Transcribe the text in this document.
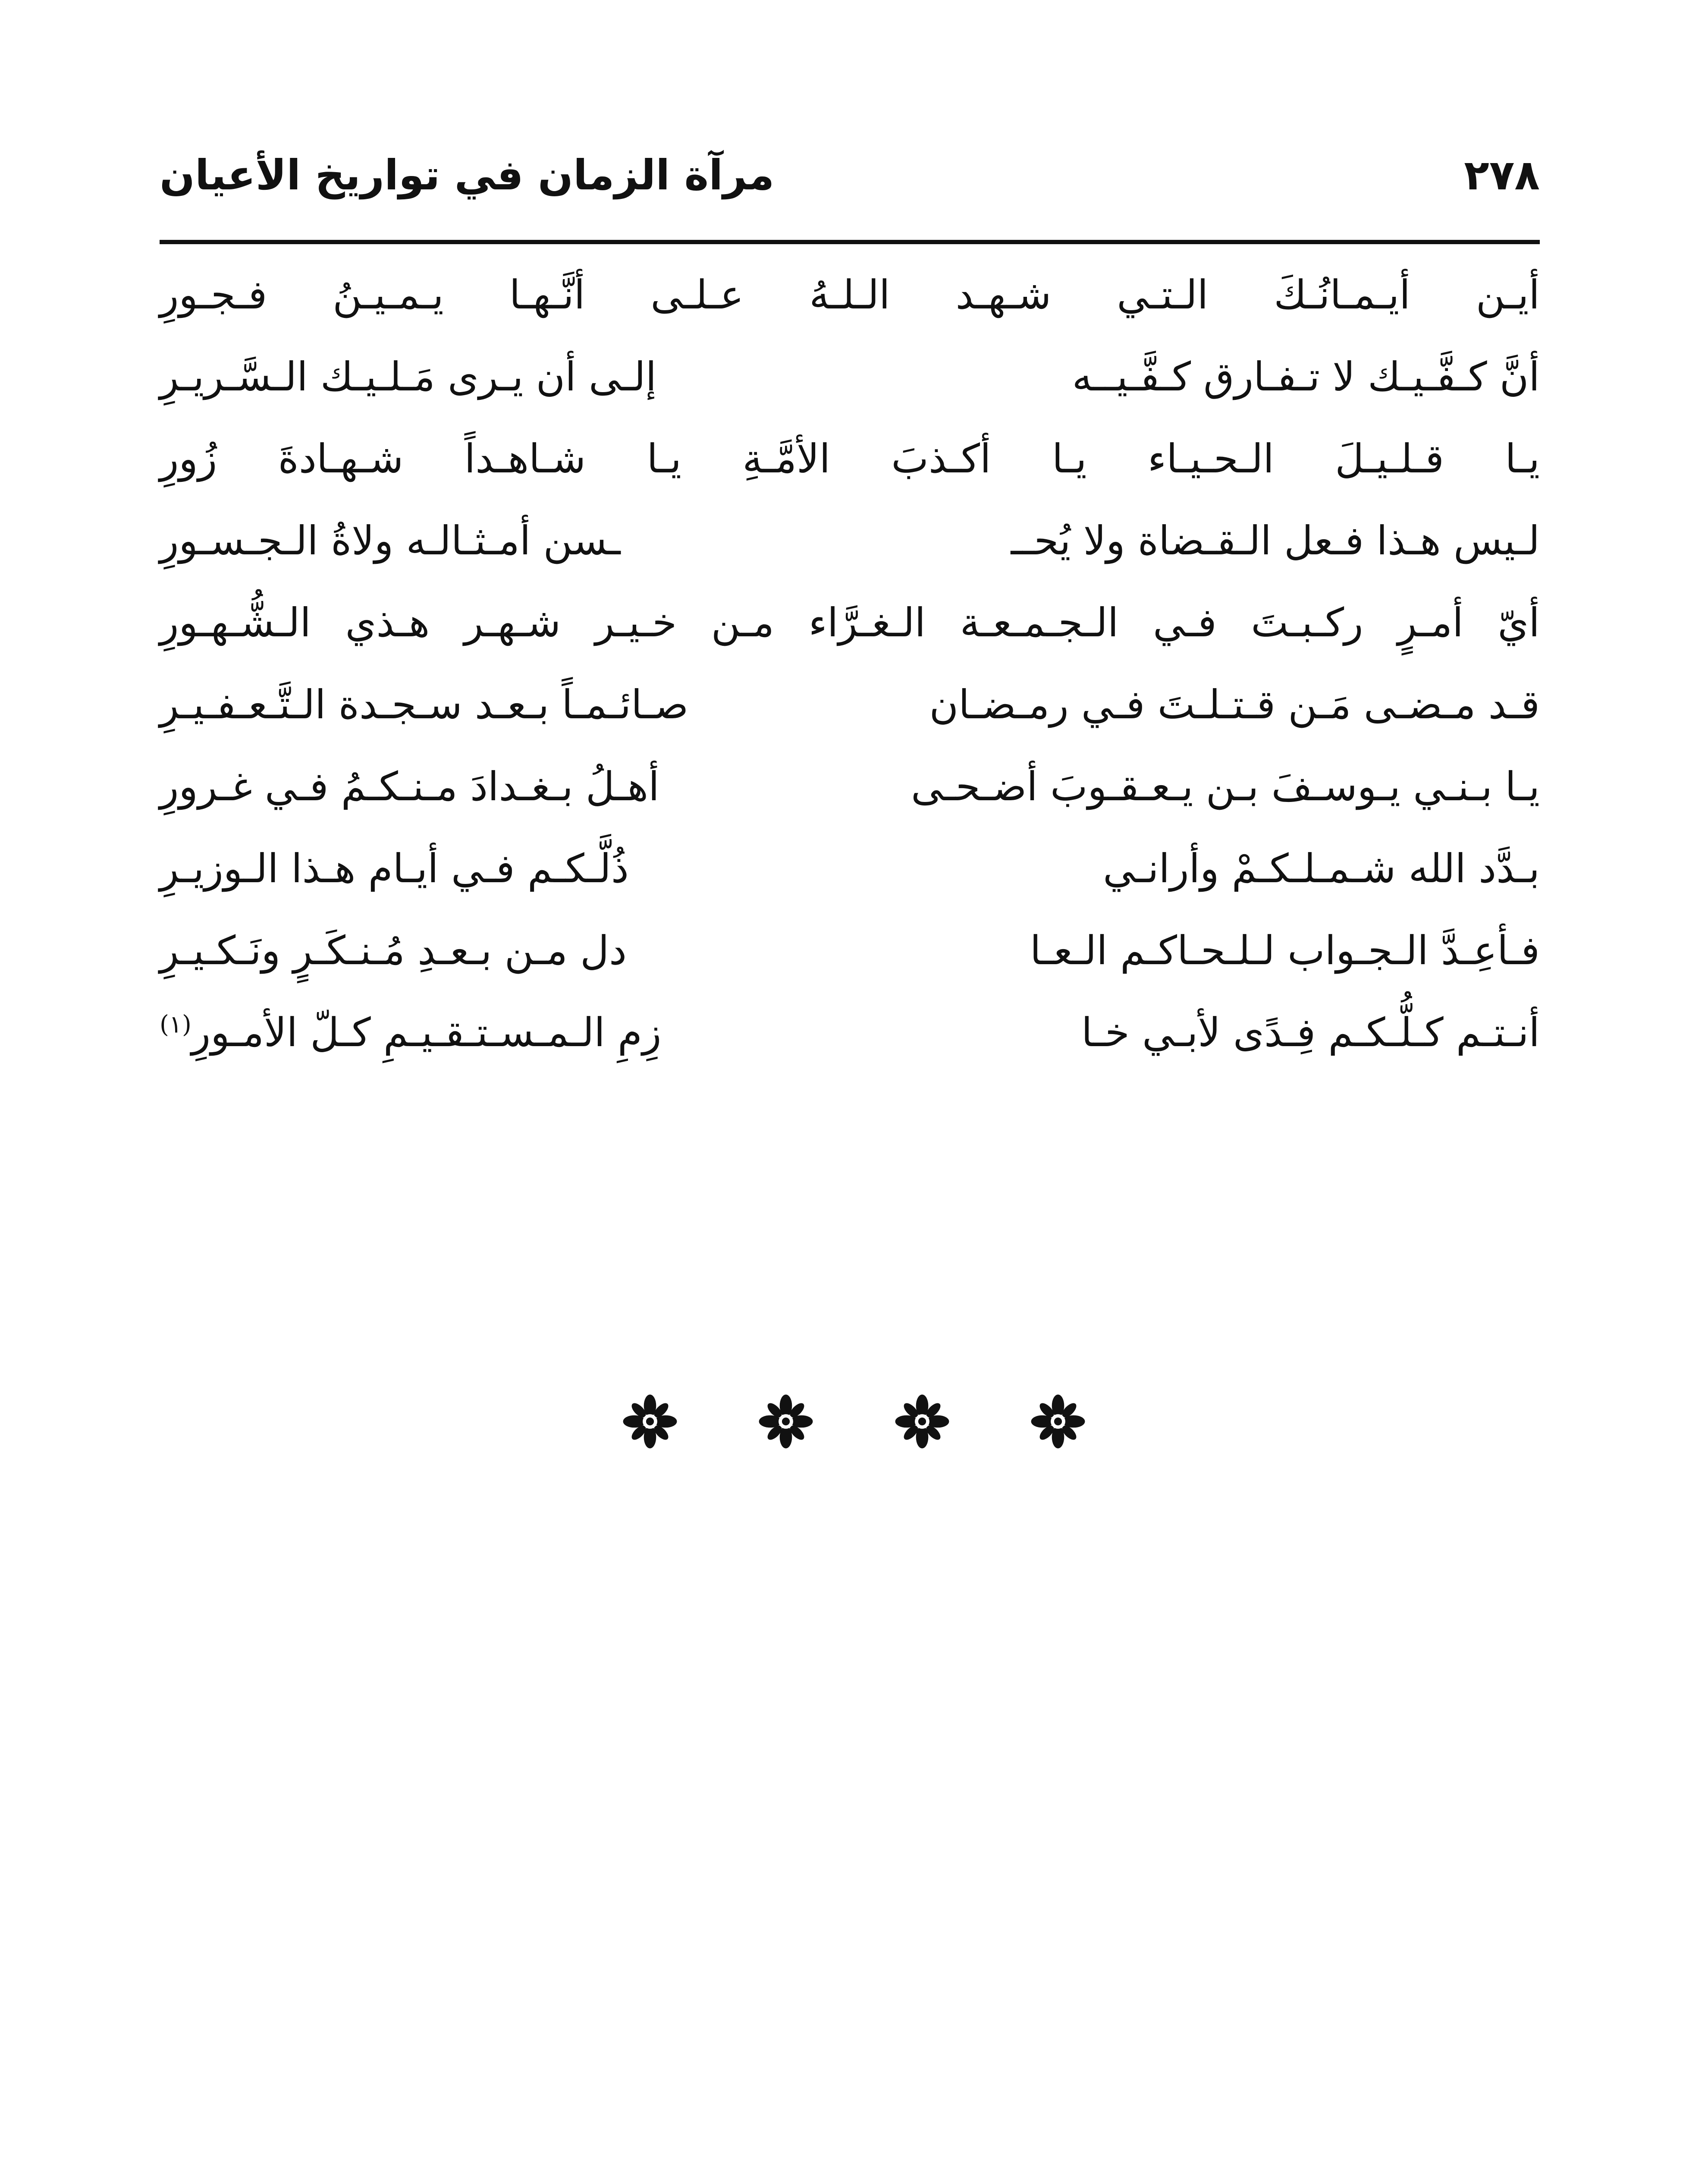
٢٧٨
مرآة الزمان في تواريخ الأعيان
أيـن أيـمـانُـكَ الـتـي شـهـد الـلـهُ عـلـى أنَّـهـا يـمـيـنُ فـجـورِ
أنَّ كـفَّـيـك لا تـفـارق كـفَّـيــه
إلـى أن يـرى مَـلـيـك الـسَّـريـرِ
يـا قـلـيـلَ الـحـيـاء يـا أكـذبَ الأمَّـةِ يـا شـاهـداً شـهـادةَ زُورِ
لـيس هـذا فـعل الـقـضاة ولا يُحــ
ـسن أمـثـالـه ولاةُ الـجـسـورِ
أيّ أمـرٍ ركـبـتَ فـي الـجـمـعـة الـغـرَّاء مـن خـيـر شـهـر هـذي الـشُّـهـورِ
قـد مـضـى مَـن قـتـلـتَ فـي رمـضـان
صـائـمـاً بـعـد سـجـدة الـتَّـعـفـيـرِ
يـا بـنـي يـوسـفَ بـن يـعـقـوبَ أضـحـى
أهـلُ بـغـدادَ مـنـكـمُ فـي غـرورِ
بـدَّد الله شـمـلـكـمْ وأرانـي
ذُلَّـكـم فـي أيـام هـذا الـوزيـرِ
فـأعِـدَّ الـجـواب لـلـحـاكـم الـعـا
دل مـن بـعـدِ مُـنـكَـرٍ ونَـكـيـرِ
أنـتـم كـلُّـكـم فِـدًى لأبـي خـا
زِمِ الـمـسـتـقـيـمِ كـلّ الأمـورِ$^{(١)}$
